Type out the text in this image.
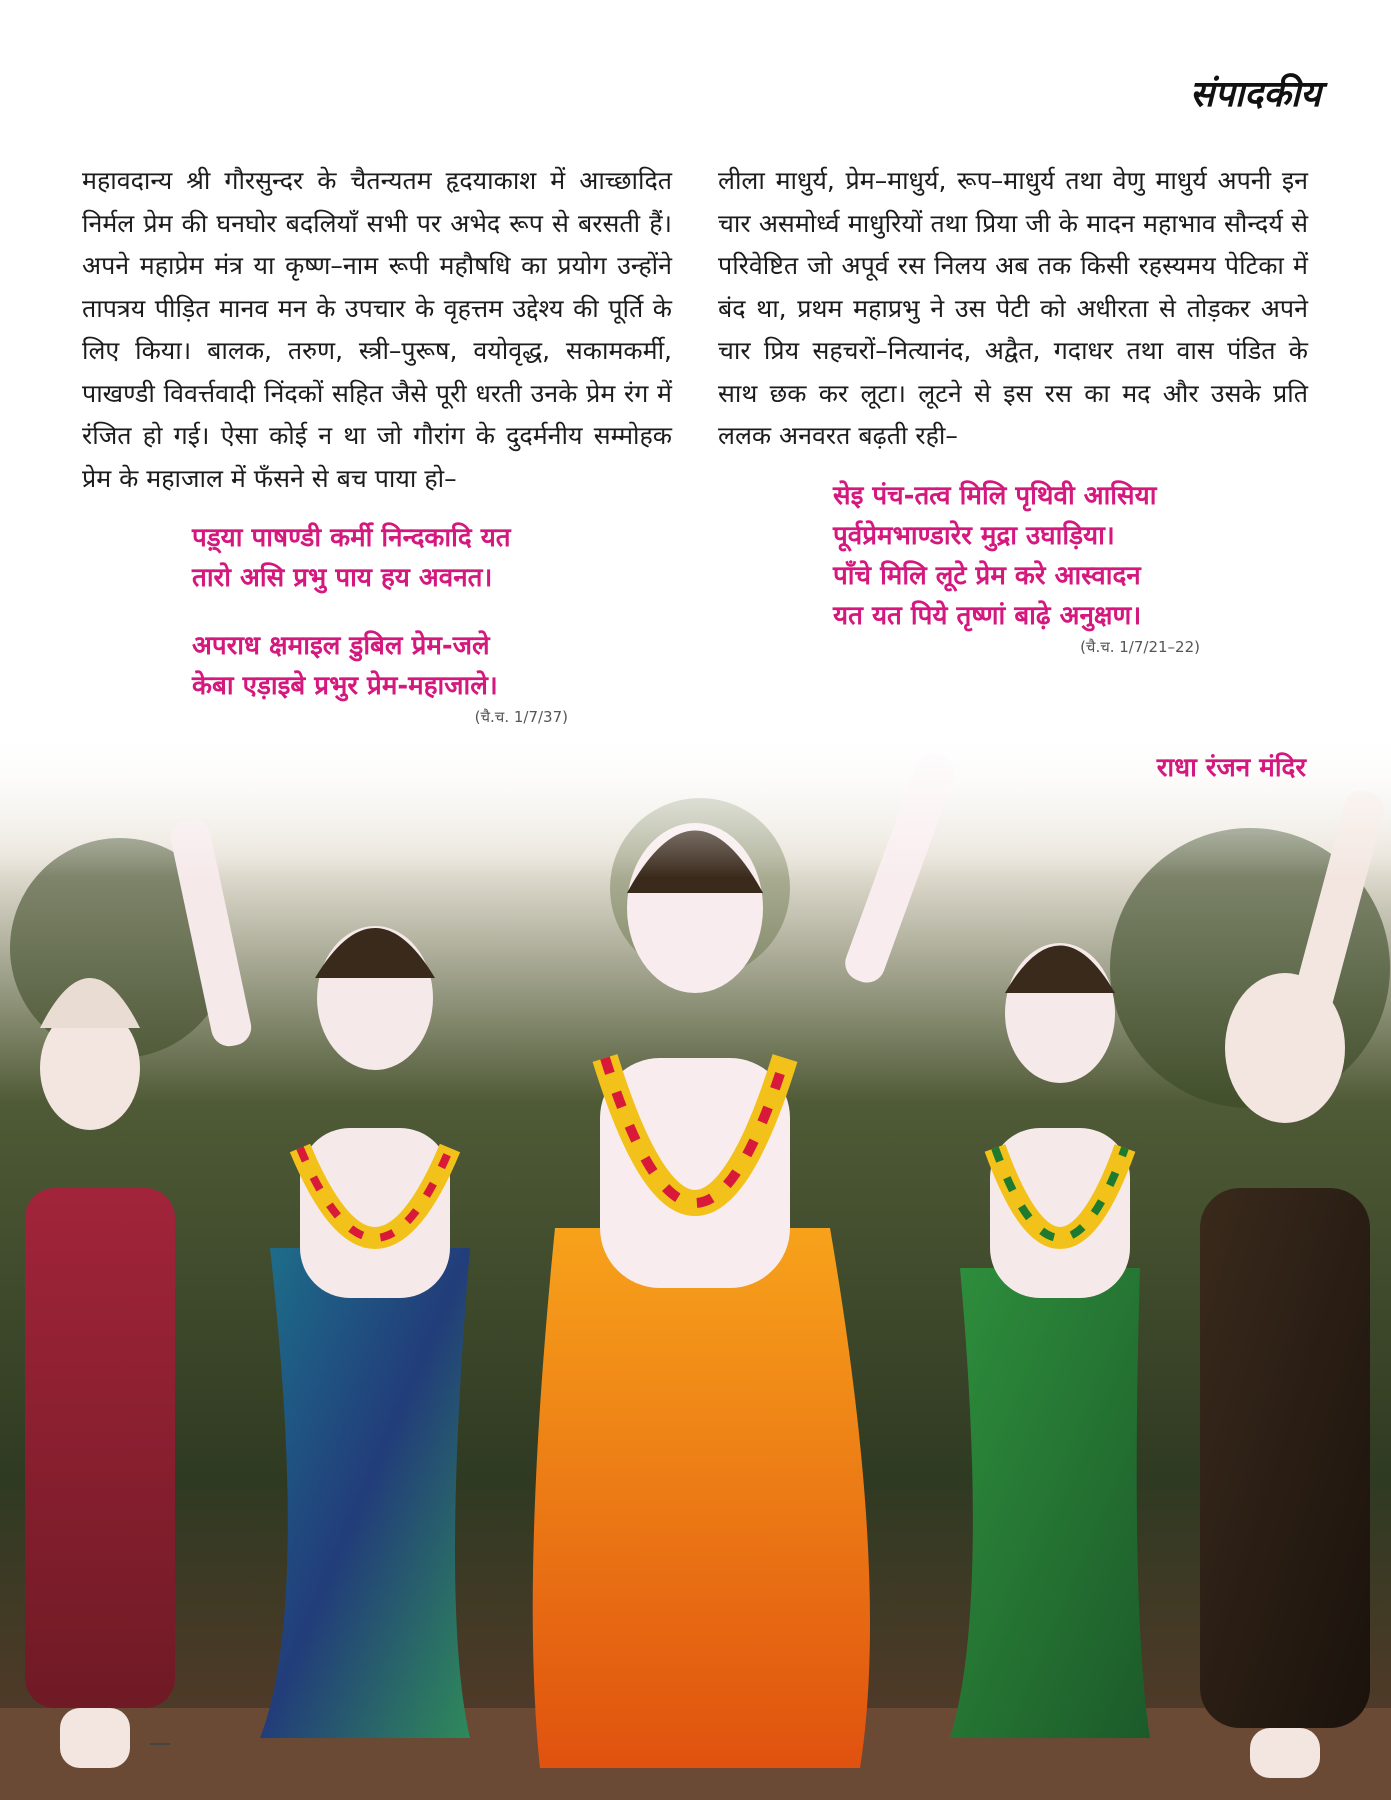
संपादकीय

महावदान्य श्री गौरसुन्दर के चैतन्यतम हृदयाकाश में आच्छादित निर्मल प्रेम की घनघोर बदलियाँ सभी पर अभेद रूप से बरसती हैं। अपने महाप्रेम मंत्र या कृष्ण–नाम रूपी महौषधि का प्रयोग उन्होंने तापत्रय पीड़ित मानव मन के उपचार के वृहत्तम उद्देश्य की पूर्ति के लिए किया। बालक, तरुण, स्त्री–पुरूष, वयोवृद्ध, सकामकर्मी, पाखण्डी विवर्त्तवादी निंदकों सहित जैसे पूरी धरती उनके प्रेम रंग में रंजित हो गई। ऐसा कोई न था जो गौरांग के दुदर्मनीय सम्मोहक प्रेम के महाजाल में फँसने से बच पाया हो–

पड़्या पाषण्डी कर्मी निन्दकादि यत
तारो असि प्रभु पाय हय अवनत।
अपराध क्षमाइल डुबिल प्रेम-जले
केबा एड़ाइबे प्रभुर प्रेम-महाजाले।
(चै.च. 1/7/37)

लीला माधुर्य, प्रेम–माधुर्य, रूप–माधुर्य तथा वेणु माधुर्य अपनी इन चार असमोर्ध्व माधुरियों तथा प्रिया जी के मादन महाभाव सौन्दर्य से परिवेष्टित जो अपूर्व रस निलय अब तक किसी रहस्यमय पेटिका में बंद था, प्रथम महाप्रभु ने उस पेटी को अधीरता से तोड़कर अपने चार प्रिय सहचरों–नित्यानंद, अद्वैत, गदाधर तथा वास पंडित के साथ छक कर लूटा। लूटने से इस रस का मद और उसके प्रति ललक अनवरत बढ़ती रही–

सेइ पंच-तत्व मिलि पृथिवी आसिया
पूर्वप्रेमभाण्डारेर मुद्रा उघाड़िया।
पाँचे मिलि लूटे प्रेम करे आस्वादन
यत यत पिये तृष्णां बाढ़े अनुक्षण।
(चै.च. 1/7/21–22)
राधा रंजन मंदिर
